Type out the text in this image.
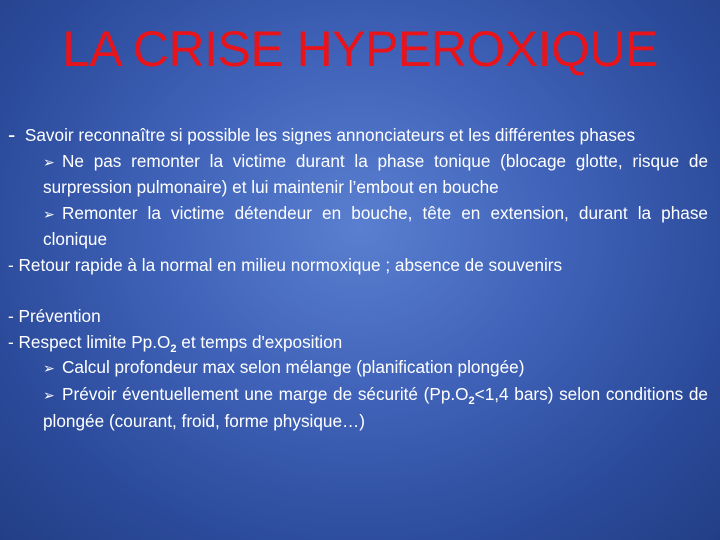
LA CRISE HYPEROXIQUE

- Savoir reconnaître si possible les signes annonciateurs et les différentes phases

➢ Ne pas remonter la victime durant la phase tonique (blocage glotte, risque de surpression pulmonaire) et lui maintenir l’embout en bouche

➢ Remonter la victime détendeur en bouche, tête en extension, durant la phase clonique

- Retour rapide à la normal en milieu normoxique ; absence de souvenirs

- Prévention

- Respect limite $Pp.O_2$ et temps d'exposition

➢ Calcul profondeur max selon mélange (planification plongée)

➢ Prévoir éventuellement une marge de sécurité ($Pp.O_2<1,4$ bars) selon conditions de plongée (courant, froid, forme physique…)
